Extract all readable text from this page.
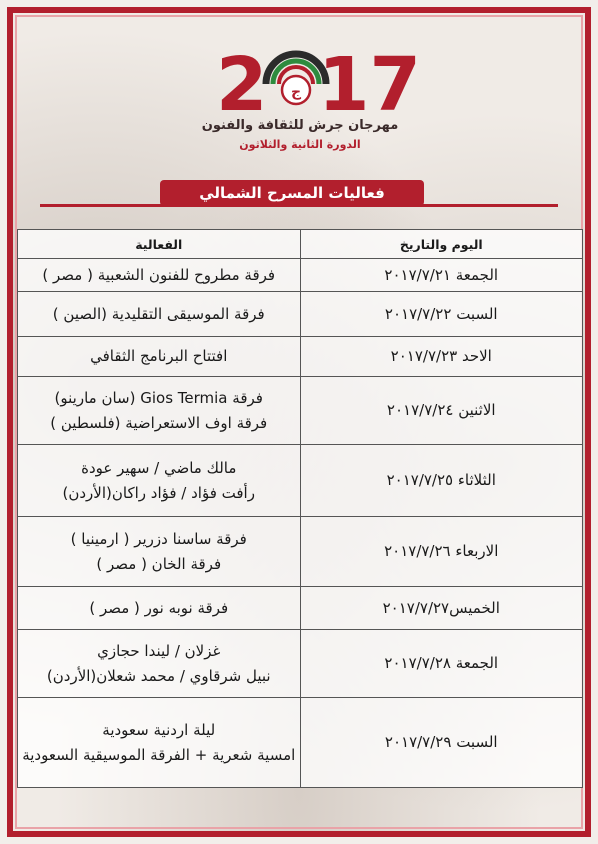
2 ج 17
مهرجان جرش للثقافة والفنون
الدورة الثانية والثلاثون
فعاليات المسرح الشمالي
اليوم والتاريخ	الفعالية
الجمعة ٢٠١٧/٧/٢١	فرقة مطروح للفنون الشعبية ( مصر )

السبت ٢٠١٧/٧/٢٢	فرقة الموسيقى التقليدية (الصين )

الاحد ٢٠١٧/٧/٢٣	افتتاح البرنامج الثقافي

الاثنين ٢٠١٧/٧/٢٤	فرقة Gios Termia (سان مارينو)
فرقة اوف الاستعراضية (فلسطين )

الثلاثاء ٢٠١٧/٧/٢٥	مالك ماضي / سهير عودة
رأفت فؤاد / فؤاد راكان(الأردن)

الاربعاء ٢٠١٧/٧/٢٦	فرقة ساسنا دزرير ( ارمينيا )
فرقة الخان ( مصر )

الخميس٢٠١٧/٧/٢٧	فرقة نوبه نور ( مصر )

الجمعة ٢٠١٧/٧/٢٨	غزلان / ليندا حجازي
نبيل شرقاوي / محمد شعلان(الأردن)

السبت ٢٠١٧/٧/٢٩	ليلة اردنية سعودية
امسية شعرية + الفرقة الموسيقية السعودية
